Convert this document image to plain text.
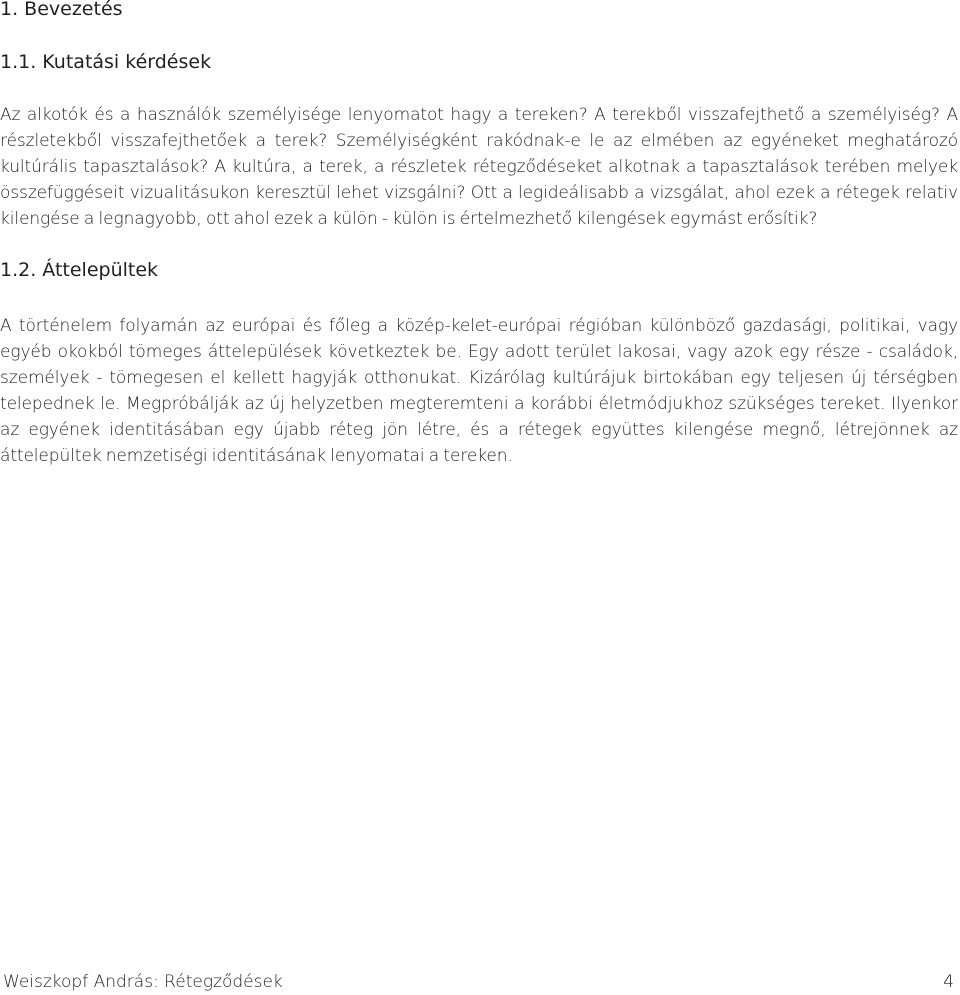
1. Bevezetés
1.1. Kutatási kérdések

Az alkotók és a használók személyisége lenyomatot hagy a tereken? A terekből visszafejthető a személyiség? A részletekből visszafejthetőek a terek? Személyiségként rakódnak-e le az elmében az egyéneket meghatározó kultúrális tapasztalások? A kultúra, a terek, a részletek rétegződéseket alkotnak a tapasztalások terében melyek összefüggéseit vizualitásukon keresztül lehet vizsgálni? Ott a legideálisabb a vizsgálat, ahol ezek a rétegek relativ kilengése a legnagyobb, ott ahol ezek a külön - külön is értelmezhető kilengések egymást erősítik?

1.2. Áttelepültek

A történelem folyamán az európai és főleg a közép-kelet-európai régióban különböző gazdasági, politikai, vagy egyéb okokból tömeges áttelepülések következtek be. Egy adott terület lakosai, vagy azok egy része - családok, személyek - tömegesen el kellett hagyják otthonukat. Kizárólag kultúrájuk birtokában egy teljesen új térségben telepednek le. Megpróbálják az új helyzetben megteremteni a korábbi életmódjukhoz szükséges tereket. Ilyenkor az egyének identitásában egy újabb réteg jön létre, és a rétegek együttes kilengése megnő, létrejönnek az áttelepültek nemzetiségi identitásának lenyomatai a tereken.

Weiszkopf András: Rétegződések	4
